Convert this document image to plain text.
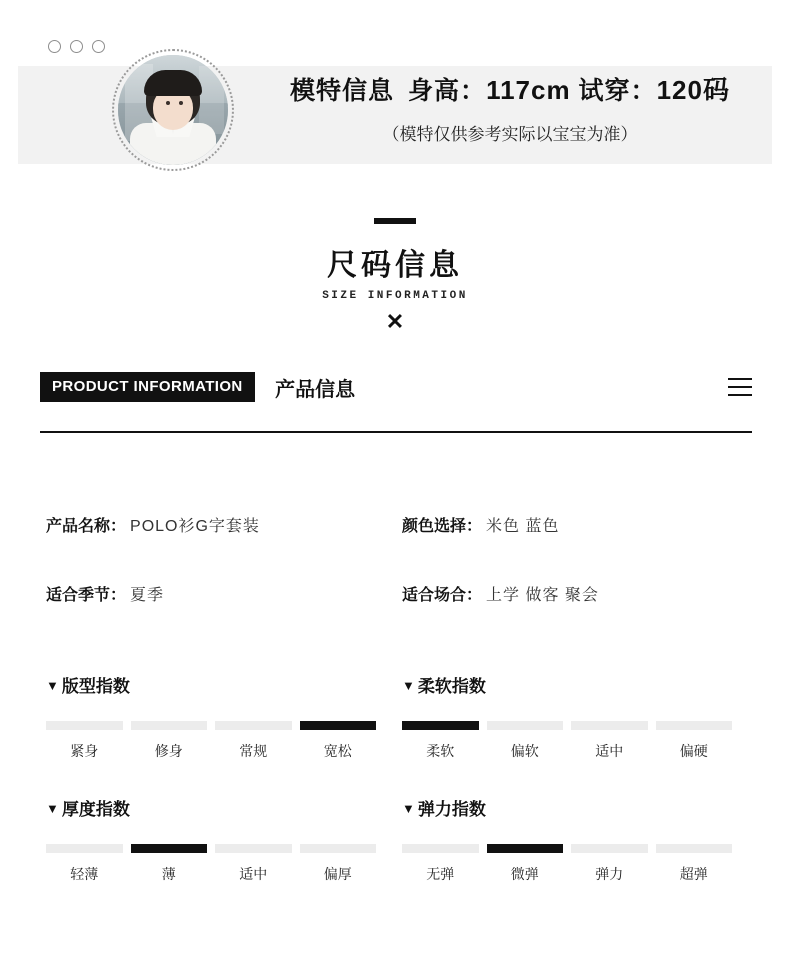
模特信息 身高：117cm 试穿：120码
（模特仅供参考实际以宝宝为准）
尺码信息
SIZE INFORMATION
✕
PRODUCT INFORMATION 产品信息
产品名称： POLO衫G字套装	颜色选择： 米色 蓝色
适合季节： 夏季	适合场合： 上学 做客 聚会
▼ 版型指数
紧身	修身	常规	宽松
▼ 柔软指数
柔软	偏软	适中	偏硬
▼ 厚度指数
轻薄	薄	适中	偏厚
▼ 弹力指数
无弹	微弹	弹力	超弹
